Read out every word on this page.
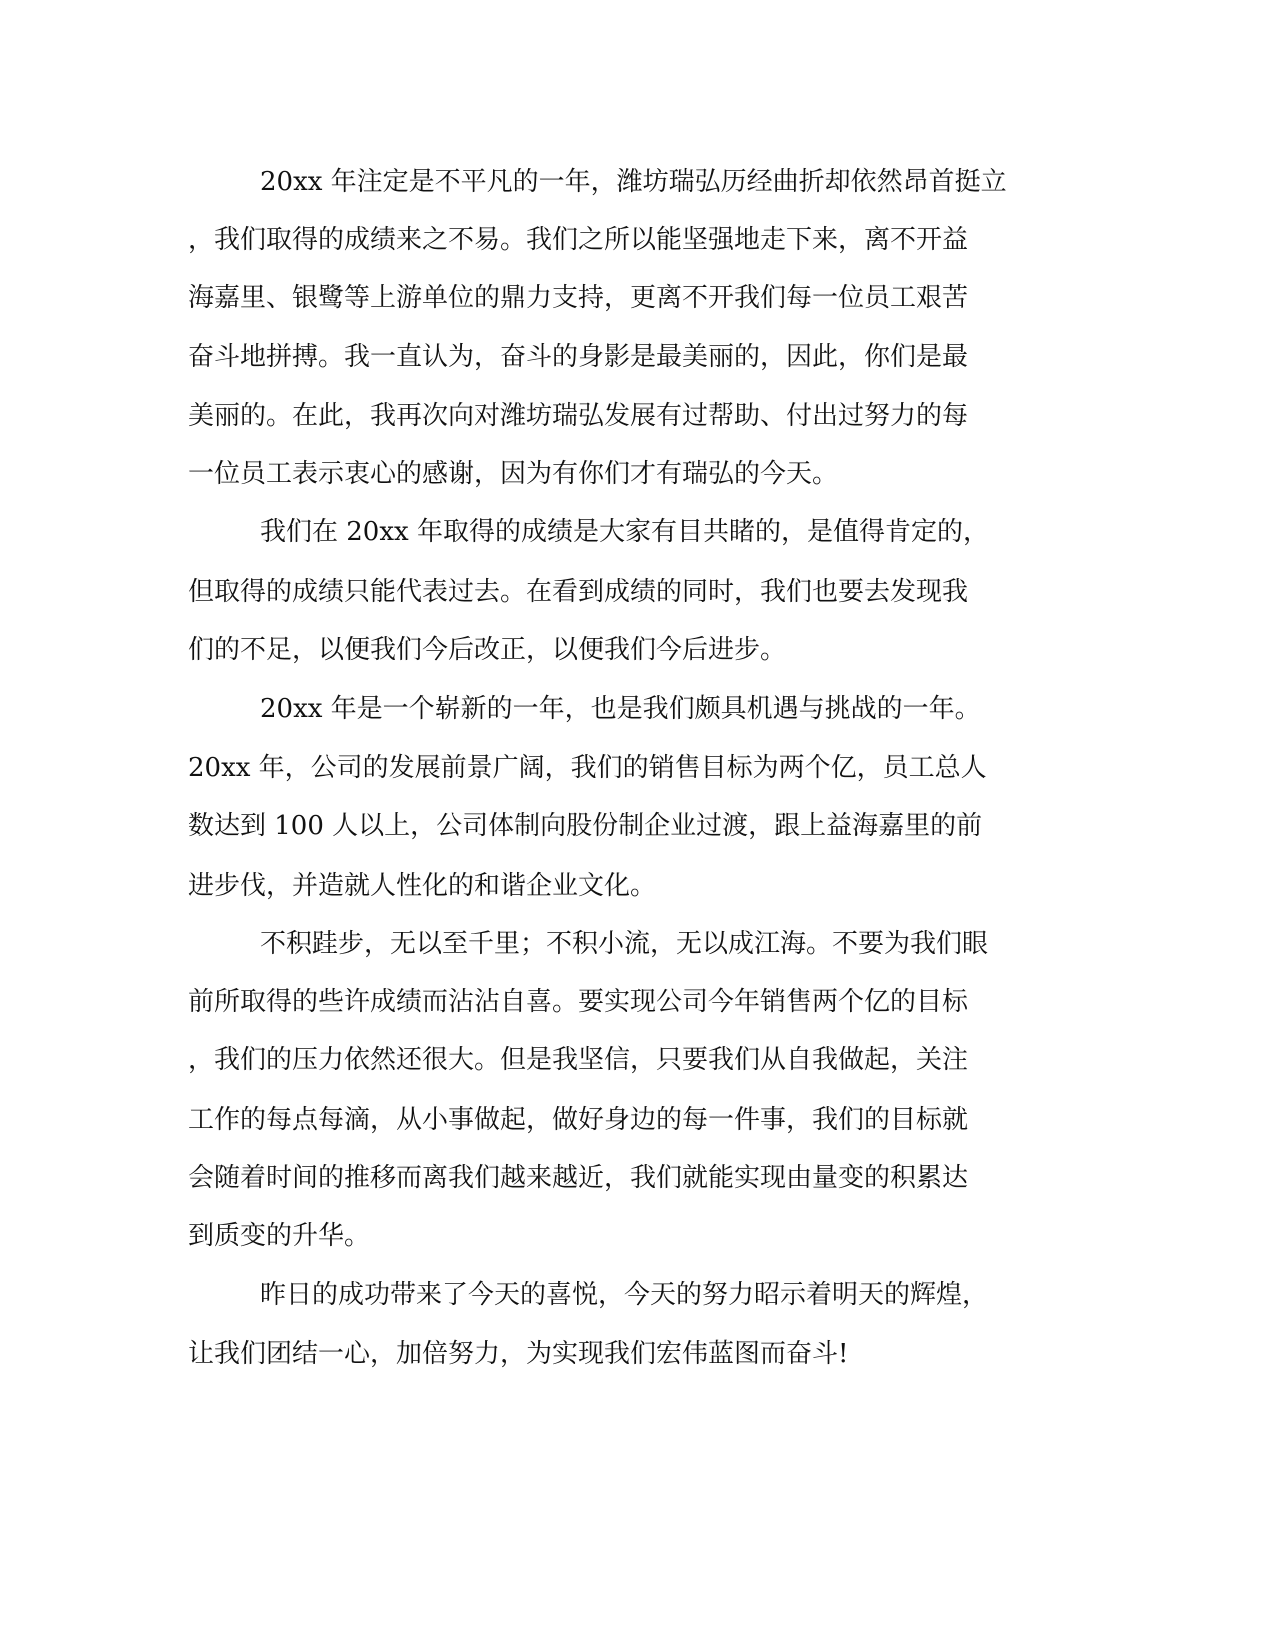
20xx 年注定是不平凡的一年，潍坊瑞弘历经曲折却依然昂首挺立
，我们取得的成绩来之不易。我们之所以能坚强地走下来，离不开益
海嘉里、银鹭等上游单位的鼎力支持，更离不开我们每一位员工艰苦
奋斗地拼搏。我一直认为，奋斗的身影是最美丽的，因此，你们是最
美丽的。在此，我再次向对潍坊瑞弘发展有过帮助、付出过努力的每
一位员工表示衷心的感谢，因为有你们才有瑞弘的今天。
我们在 20xx 年取得的成绩是大家有目共睹的，是值得肯定的，
但取得的成绩只能代表过去。在看到成绩的同时，我们也要去发现我
们的不足，以便我们今后改正，以便我们今后进步。
20xx 年是一个崭新的一年，也是我们颇具机遇与挑战的一年。
20xx 年，公司的发展前景广阔，我们的销售目标为两个亿，员工总人
数达到 100 人以上，公司体制向股份制企业过渡，跟上益海嘉里的前
进步伐，并造就人性化的和谐企业文化。
不积跬步，无以至千里；不积小流，无以成江海。不要为我们眼
前所取得的些许成绩而沾沾自喜。要实现公司今年销售两个亿的目标
，我们的压力依然还很大。但是我坚信，只要我们从自我做起，关注
工作的每点每滴，从小事做起，做好身边的每一件事，我们的目标就
会随着时间的推移而离我们越来越近，我们就能实现由量变的积累达
到质变的升华。
昨日的成功带来了今天的喜悦，今天的努力昭示着明天的辉煌，
让我们团结一心，加倍努力，为实现我们宏伟蓝图而奋斗!
